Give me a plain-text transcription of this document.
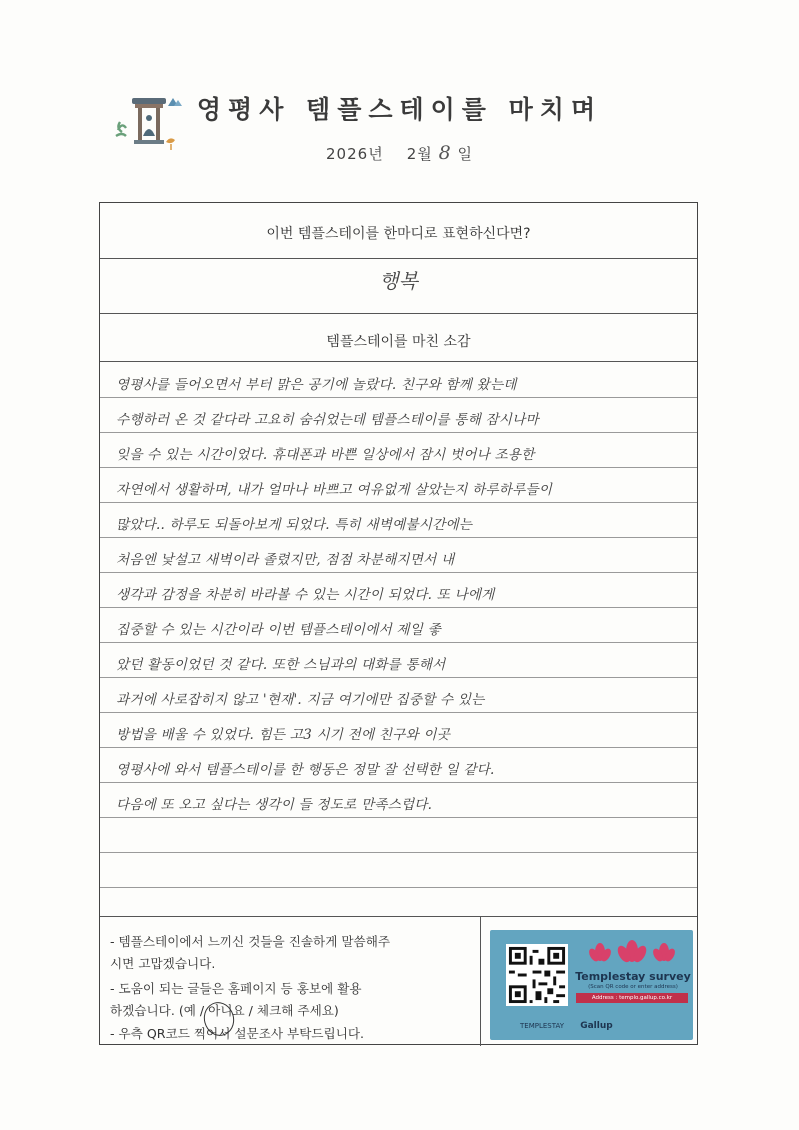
영평사 템플스테이를 마치며
2026년 2월 8 일
이번 템플스테이를 한마디로 표현하신다면?
행복
템플스테이를 마친 소감
영평사를 들어오면서 부터 맑은 공기에 놀랐다. 친구와 함께 왔는데
수행하러 온 것 같다라 고요히 숨쉬었는데 템플스테이를 통해 잠시나마
잊을 수 있는 시간이었다. 휴대폰과 바쁜 일상에서 잠시 벗어나 조용한
자연에서 생활하며, 내가 얼마나 바쁘고 여유없게 살았는지 하루하루들이
많았다.. 하루도 되돌아보게 되었다. 특히 새벽예불시간에는
처음엔 낯설고 새벽이라 졸렸지만, 점점 차분해지면서 내
생각과 감정을 차분히 바라볼 수 있는 시간이 되었다. 또 나에게
집중할 수 있는 시간이라 이번 템플스테이에서 제일 좋
았던 활동이었던 것 같다. 또한 스님과의 대화를 통해서
과거에 사로잡히지 않고 '현재'. 지금 여기에만 집중할 수 있는
방법을 배울 수 있었다. 힘든 고3 시기 전에 친구와 이곳
영평사에 와서 템플스테이를 한 행동은 정말 잘 선택한 일 같다.
다음에 또 오고 싶다는 생각이 들 정도로 만족스럽다.
- 템플스테이에서 느끼신 것들을 진솔하게 말씀해주
시면 고맙겠습니다.
- 도움이 되는 글들은 홈페이지 등 홍보에 활용
하겠습니다. (예 / 아니요 / 체크해 주세요)
- 우측 QR코드 찍어서 설문조사 부탁드립니다.
Templestay survey
(Scan QR code or enter address)
Address : templo.gallup.co.kr
TEMPLESTAY Gallup
